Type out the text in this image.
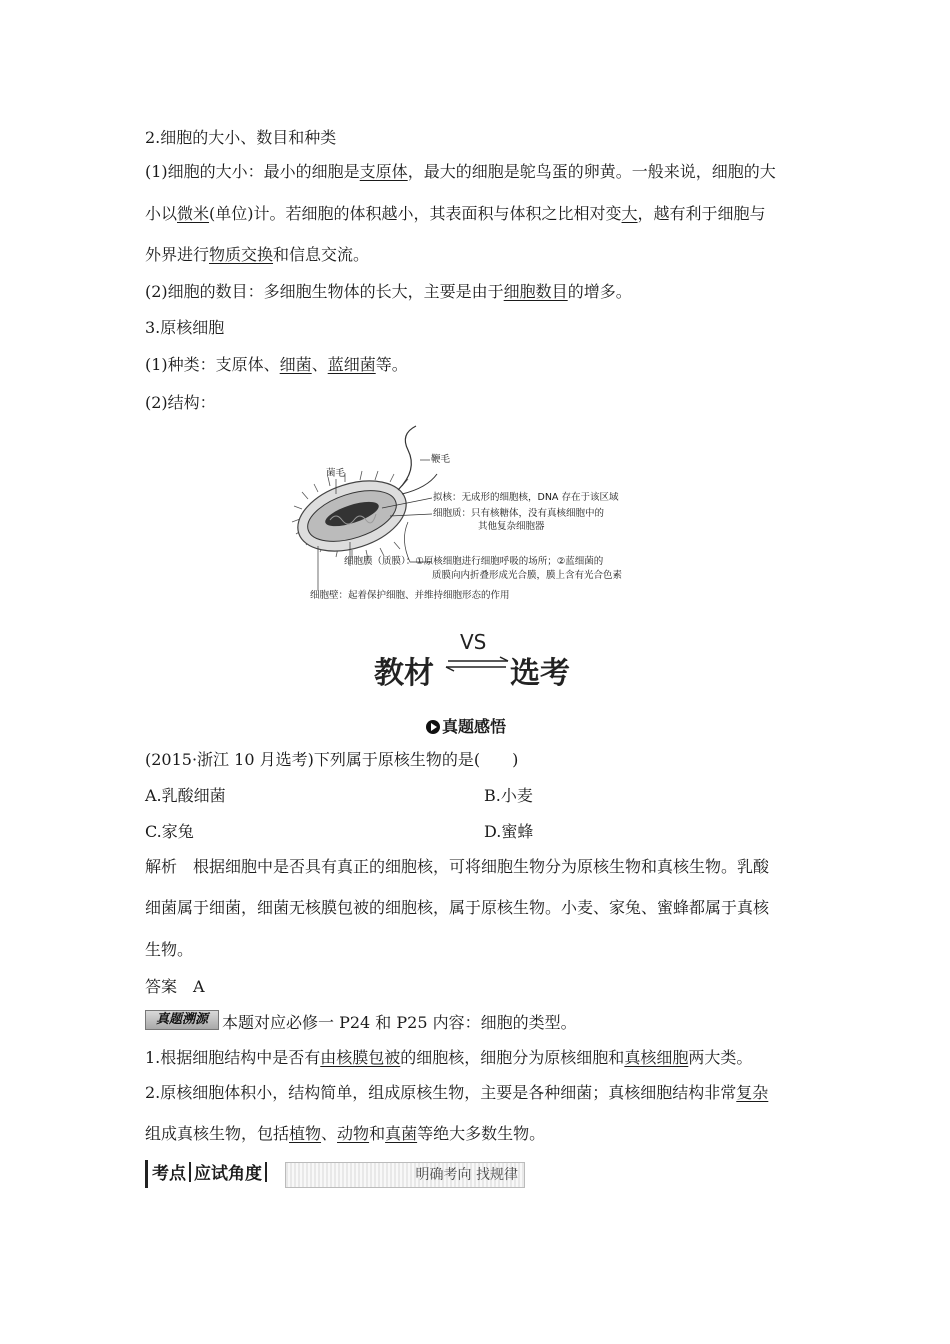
2.细胞的大小、数目和种类
(1)细胞的大小：最小的细胞是支原体，最大的细胞是鸵鸟蛋的卵黄。一般来说，细胞的大
小以微米(单位)计。若细胞的体积越小，其表面积与体积之比相对变大，越有利于细胞与
外界进行物质交换和信息交流。
(2)细胞的数目：多细胞生物体的长大，主要是由于细胞数目的增多。
3.原核细胞
(1)种类：支原体、细菌、蓝细菌等。
(2)结构：
鞭毛
菌毛
拟核：无成形的细胞核，DNA 存在于该区域
细胞质：只有核糖体，没有真核细胞中的
其他复杂细胞器
细胞膜（质膜）：①原核细胞进行细胞呼吸的场所；②蓝细菌的
质膜向内折叠形成光合膜，膜上含有光合色素
细胞壁：起着保护细胞、并维持细胞形态的作用
教材
VS
选考
真题感悟
(2015·浙江 10 月选考)下列属于原核生物的是(　　)
A.乳酸细菌	B.小麦
C.家兔	D.蜜蜂
解析　根据细胞中是否具有真正的细胞核，可将细胞生物分为原核生物和真核生物。乳酸
细菌属于细菌，细菌无核膜包被的细胞核，属于原核生物。小麦、家兔、蜜蜂都属于真核
生物。
答案　A
真题溯源 本题对应必修一 P24 和 P25 内容：细胞的类型。
1.根据细胞结构中是否有由核膜包被的细胞核，细胞分为原核细胞和真核细胞两大类。
2.原核细胞体积小，结构简单，组成原核生物，主要是各种细菌；真核细胞结构非常复杂
组成真核生物，包括植物、动物和真菌等绝大多数生物。
考点 应试角度	明确考向 找规律
